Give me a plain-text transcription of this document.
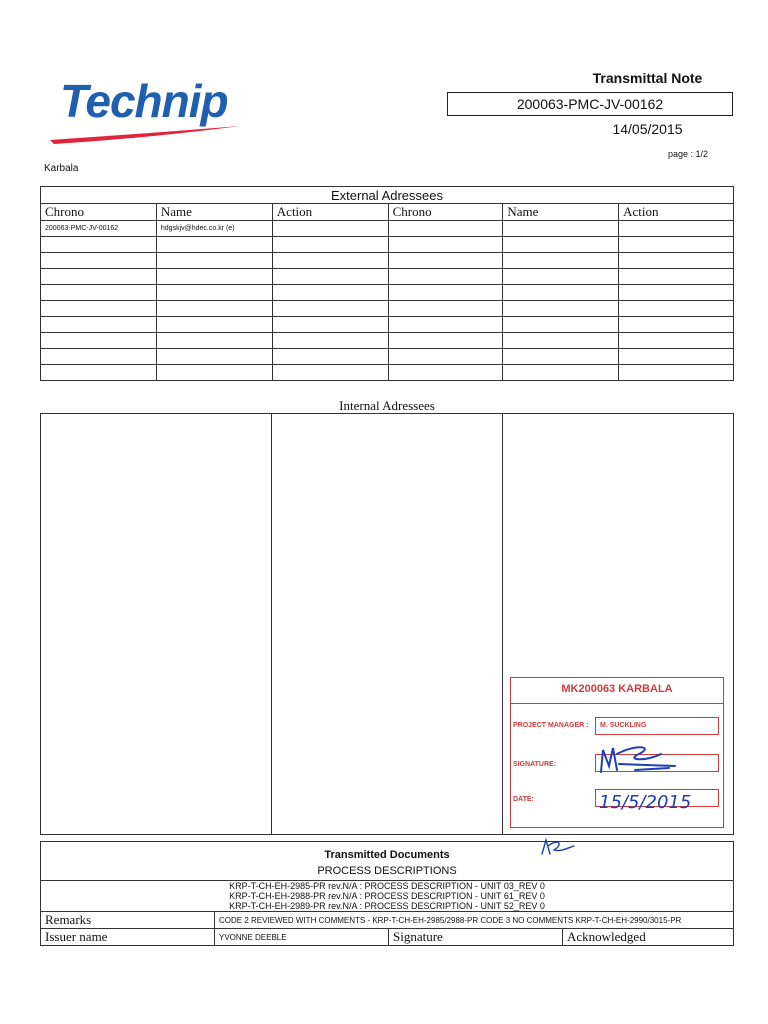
Technip	Transmittal Note
200063-PMC-JV-00162
14/05/2015
page : 1/2
Karbala
External Adressees					
Chrono	Name	Action	Chrono	Name	Action
200063-PMC-JV-00162	hdgskjv@hdec.co.kr (e)				

Internal Adressees
MK200063 KARBALA
PROJECT MANAGER :	M. SUCKLING
SIGNATURE:
DATE:	15/5/2015
Transmitted Documents
PROCESS DESCRIPTIONS			

KRP-T-CH-EH-2985-PR rev.N/A : PROCESS DESCRIPTION - UNIT 03_REV 0
KRP-T-CH-EH-2988-PR rev.N/A : PROCESS DESCRIPTION - UNIT 61_REV 0
KRP-T-CH-EH-2989-PR rev.N/A : PROCESS DESCRIPTION - UNIT 52_REV 0			

Remarks	CODE 2 REVIEWED WITH COMMENTS - KRP-T-CH-EH-2985/2988-PR CODE 3 NO COMMENTS KRP-T-CH-EH-2990/3015-PR		
Issuer name	YVONNE DEEBLE	Signature	Acknowledged
